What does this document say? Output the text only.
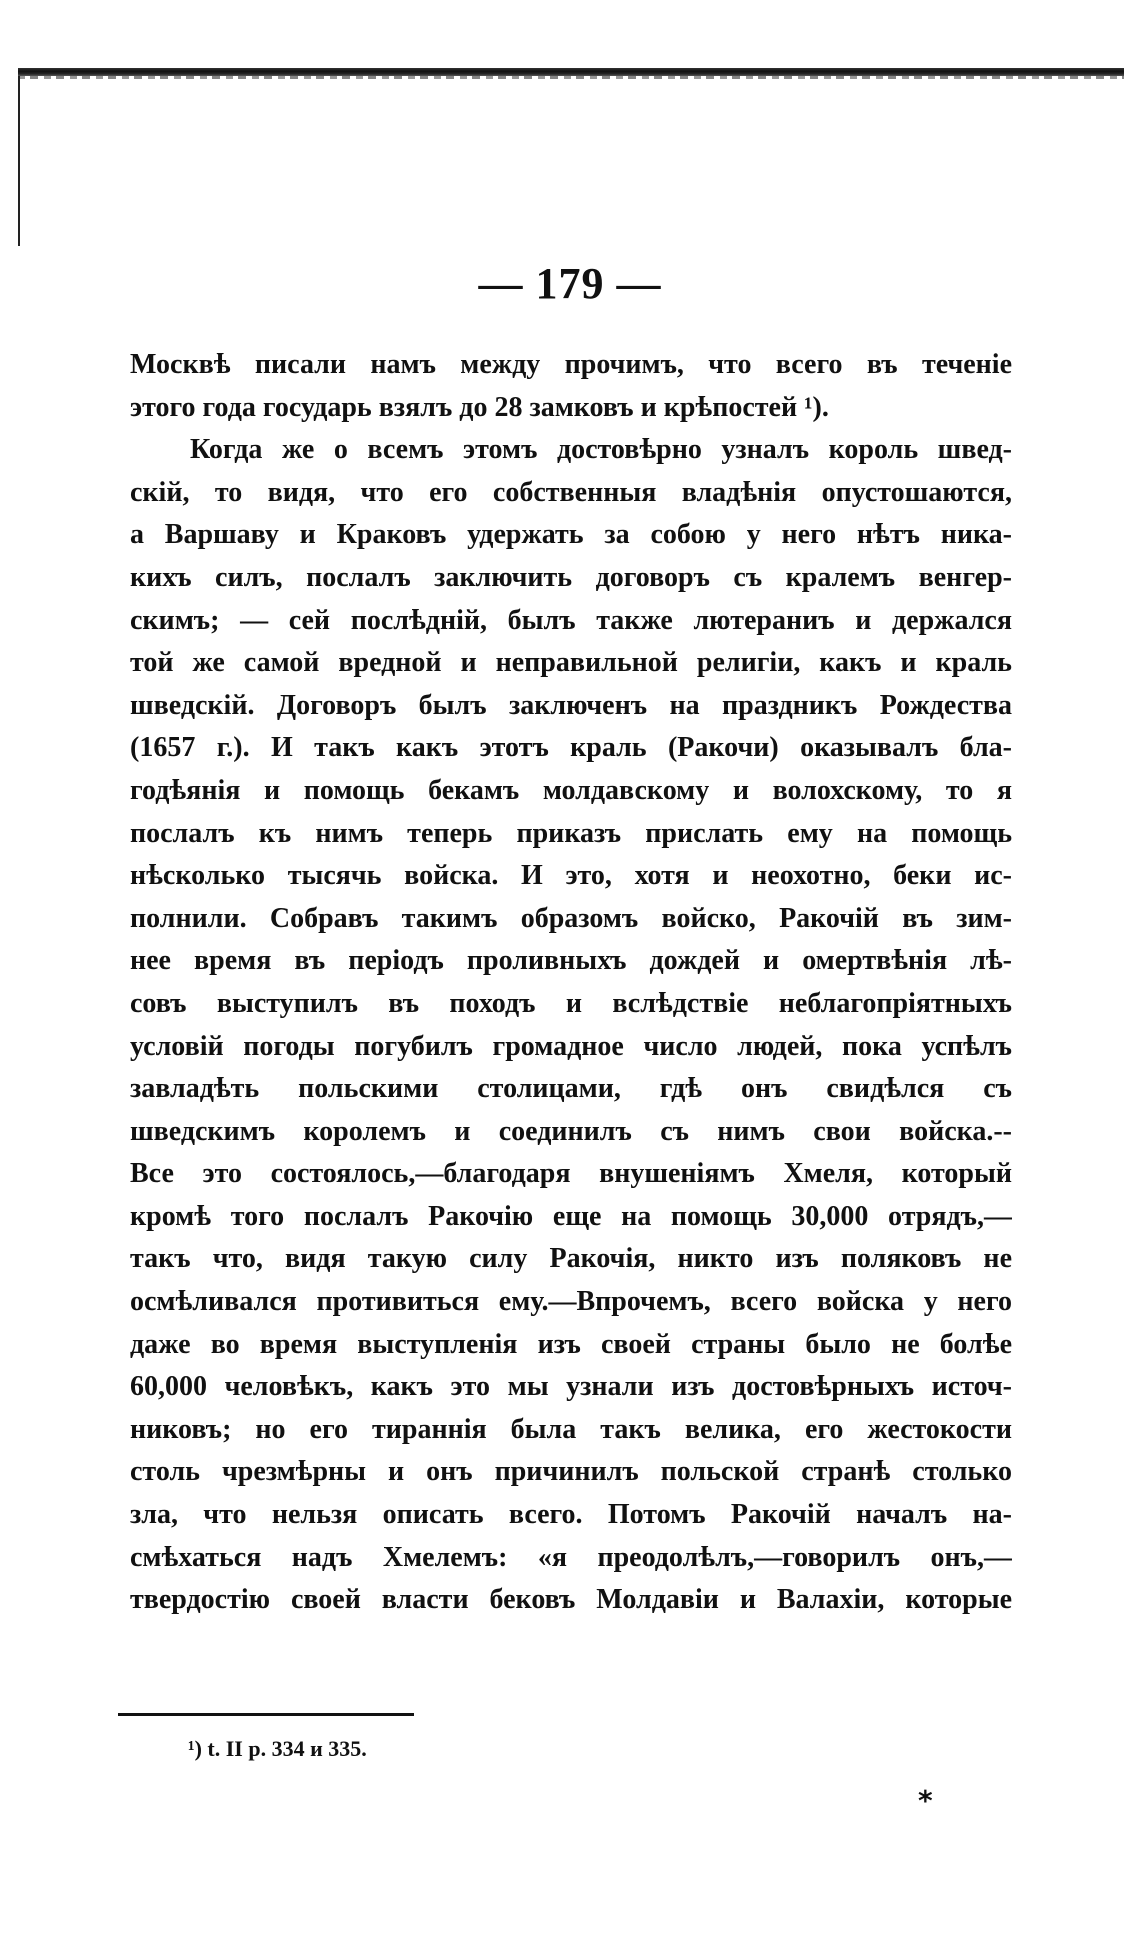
— 179 —
Москвѣ писали намъ между прочимъ, что всего въ теченіе
этого года государь взялъ до 28 замковъ и крѣпостей ¹).
Когда же о всемъ этомъ достовѣрно узналъ король швед-
скій, то видя, что его собственныя владѣнія опустошаются,
а Варшаву и Краковъ удержать за собою у него нѣтъ ника-
кихъ силъ, послалъ заключить договоръ съ кралемъ венгер-
скимъ; — сей послѣдній, былъ также лютераниъ и держался
той же самой вредной и неправильной религіи, какъ и краль
шведскій. Договоръ былъ заключенъ на праздникъ Рождества
(1657 г.). И такъ какъ этотъ краль (Ракочи) оказывалъ бла-
годѣянія и помощь бекамъ молдавскому и волохскому, то я
послалъ къ нимъ теперь приказъ прислать ему на помощь
нѣсколько тысячь войска. И это, хотя и неохотно, беки ис-
полнили. Собравъ такимъ образомъ войско, Ракочій въ зим-
нее время въ періодъ проливныхъ дождей и омертвѣнія лѣ-
совъ выступилъ въ походъ и вслѣдствіе неблагопріятныхъ
условій погоды погубилъ громадное число людей, пока успѣлъ
завладѣть польскими столицами, гдѣ онъ свидѣлся съ
шведскимъ королемъ и соединилъ съ нимъ свои войска.--
Все это состоялось,—благодаря внушеніямъ Хмеля, который
кромѣ того послалъ Ракочію еще на помощь 30,000 отрядъ,—
такъ что, видя такую силу Ракочія, никто изъ поляковъ не
осмѣливался противиться ему.—Впрочемъ, всего войска у него
даже во время выступленія изъ своей страны было не болѣе
60,000 человѣкъ, какъ это мы узнали изъ достовѣрныхъ источ-
никовъ; но его тираннія была такъ велика, его жестокости
столь чрезмѣрны и онъ причинилъ польской странѣ столько
зла, что нельзя описать всего. Потомъ Ракочій началъ на-
смѣхаться надъ Хмелемъ: «я преодолѣлъ,—говорилъ онъ,—
твердостію своей власти бековъ Молдавіи и Валахіи, которые
¹) t. II p. 334 и 335.
*
